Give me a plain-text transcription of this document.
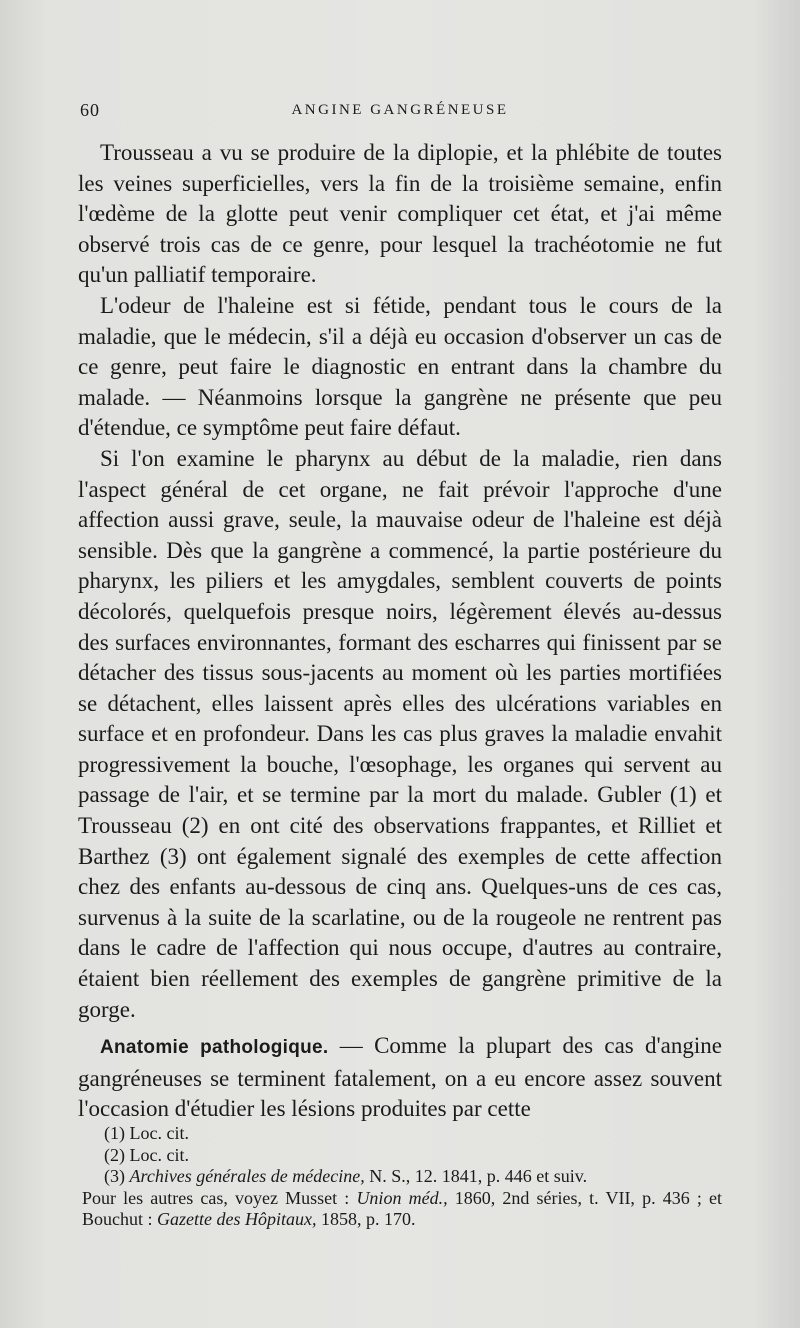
60	ANGINE GANGRÉNEUSE

Trousseau a vu se produire de la diplopie, et la phlébite de toutes les veines superficielles, vers la fin de la troisième semaine, enfin l'œdème de la glotte peut venir compliquer cet état, et j'ai même observé trois cas de ce genre, pour lesquel la trachéotomie ne fut qu'un palliatif temporaire.

L'odeur de l'haleine est si fétide, pendant tous le cours de la maladie, que le médecin, s'il a déjà eu occasion d'observer un cas de ce genre, peut faire le diagnostic en entrant dans la chambre du malade. — Néanmoins lorsque la gangrène ne présente que peu d'étendue, ce symptôme peut faire défaut.

Si l'on examine le pharynx au début de la maladie, rien dans l'aspect général de cet organe, ne fait prévoir l'approche d'une affection aussi grave, seule, la mauvaise odeur de l'haleine est déjà sensible. Dès que la gangrène a commencé, la partie postérieure du pharynx, les piliers et les amygdales, semblent couverts de points décolorés, quelquefois presque noirs, légèrement élevés au-dessus des surfaces environnantes, formant des escharres qui finissent par se détacher des tissus sous-jacents au moment où les parties mortifiées se détachent, elles laissent après elles des ulcérations variables en surface et en profondeur. Dans les cas plus graves la maladie envahit progressivement la bouche, l'œsophage, les organes qui servent au passage de l'air, et se termine par la mort du malade. Gubler (1) et Trousseau (2) en ont cité des observations frappantes, et Rilliet et Barthez (3) ont également signalé des exemples de cette affection chez des enfants au-dessous de cinq ans. Quelques-uns de ces cas, survenus à la suite de la scarlatine, ou de la rougeole ne rentrent pas dans le cadre de l'affection qui nous occupe, d'autres au contraire, étaient bien réellement des exemples de gangrène primitive de la gorge.

Anatomie pathologique. — Comme la plupart des cas d'angine gangréneuses se terminent fatalement, on a eu encore assez souvent l'occasion d'étudier les lésions produites par cette

(1) Loc. cit.

(2) Loc. cit.

(3) Archives générales de médecine, N. S., 12. 1841, p. 446 et suiv.

Pour les autres cas, voyez Musset : Union méd., 1860, 2nd séries, t. VII, p. 436 ; et Bouchut : Gazette des Hôpitaux, 1858, p. 170.
